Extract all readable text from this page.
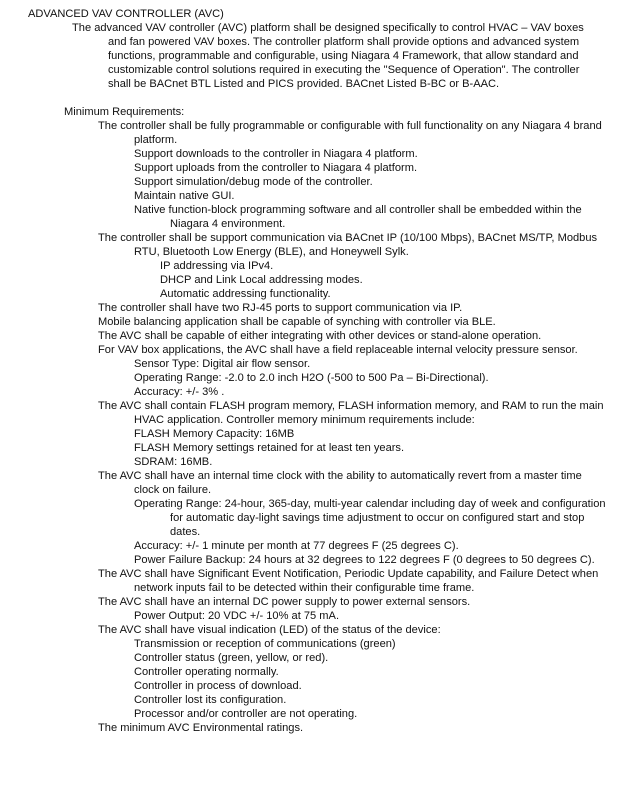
ADVANCED VAV CONTROLLER (AVC)

The advanced VAV controller (AVC) platform shall be designed specifically to control HVAC – VAV boxes and fan powered VAV boxes. The controller platform shall provide options and advanced system functions, programmable and configurable, using Niagara 4 Framework, that allow standard and customizable control solutions required in executing the "Sequence of Operation". The controller shall be BACnet BTL Listed and PICS provided. BACnet Listed B-BC or B-AAC.

Minimum Requirements:

The controller shall be fully programmable or configurable with full functionality on any Niagara 4 brand platform.

Support downloads to the controller in Niagara 4 platform.

Support uploads from the controller to Niagara 4 platform.

Support simulation/debug mode of the controller.

Maintain native GUI.

Native function-block programming software and all controller shall be embedded within the Niagara 4 environment.

The controller shall be support communication via BACnet IP (10/100 Mbps), BACnet MS/TP, Modbus RTU, Bluetooth Low Energy (BLE), and Honeywell Sylk.

IP addressing via IPv4.

DHCP and Link Local addressing modes.

Automatic addressing functionality.

The controller shall have two RJ-45 ports to support communication via IP.

Mobile balancing application shall be capable of synching with controller via BLE.

The AVC shall be capable of either integrating with other devices or stand-alone operation.

For VAV box applications, the AVC shall have a field replaceable internal velocity pressure sensor.

Sensor Type: Digital air flow sensor.

Operating Range: -2.0 to 2.0 inch H2O (-500 to 500 Pa – Bi-Directional).

Accuracy: +/- 3% .

The AVC shall contain FLASH program memory, FLASH information memory, and RAM to run the main HVAC application. Controller memory minimum requirements include:

FLASH Memory Capacity: 16MB

FLASH Memory settings retained for at least ten years.

SDRAM: 16MB.

The AVC shall have an internal time clock with the ability to automatically revert from a master time clock on failure.

Operating Range: 24-hour, 365-day, multi-year calendar including day of week and configuration for automatic day-light savings time adjustment to occur on configured start and stop dates.

Accuracy: +/- 1 minute per month at 77 degrees F (25 degrees C).

Power Failure Backup: 24 hours at 32 degrees to 122 degrees F (0 degrees to 50 degrees C).

The AVC shall have Significant Event Notification, Periodic Update capability, and Failure Detect when network inputs fail to be detected within their configurable time frame.

The AVC shall have an internal DC power supply to power external sensors.

Power Output: 20 VDC +/- 10% at 75 mA.

The AVC shall have visual indication (LED) of the status of the device:

Transmission or reception of communications (green)

Controller status (green, yellow, or red).

Controller operating normally.

Controller in process of download.

Controller lost its configuration.

Processor and/or controller are not operating.

The minimum AVC Environmental ratings.
